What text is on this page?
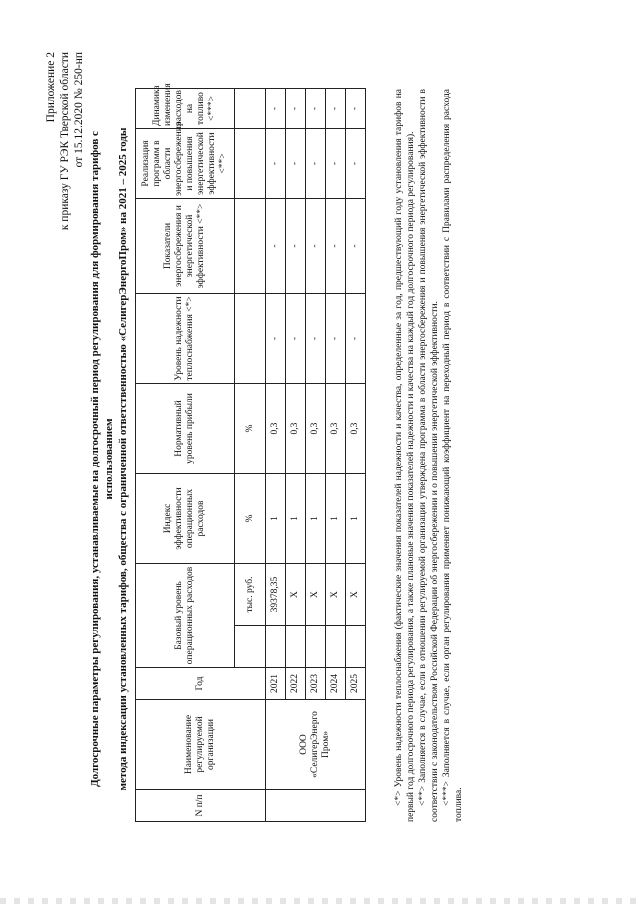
Приложение 2 к приказу ГУ РЭК Тверской области от 15.12.2020 № 250-нп
Долгосрочные параметры регулирования, устанавливаемые на долгосрочный период регулирования для формирования тарифов с использованием метода индексации установленных тарифов, общества с ограниченной ответственностью «СелигерЭнергоПром» на 2021 – 2025 годы
N п/п	Наименование регулируемой организации	Год	Базовый уровень операционных расходов		Индекс эффективности операционных расходов	Нормативный уровень прибыли	Уровень надежности теплоснабжения <*>	Показатели энергосбережения и энергетической эффективности <**>	Реализация программ в области энергосбережения и повышения энергетической эффективности <**>	Динамика изменения расходов на топливо <***>
				тыс. руб.	%	%				
	ООО «СелигерЭнерго Пром»	2021		39378,35	1	0,3	-	-	-	-
		2022		Х	1	0,3	-	-	-	-
		2023		Х	1	0,3	-	-	-	-
		2024		Х	1	0,3	-	-	-	-
		2025		Х	1	0,3	-	-	-	-	<*> Уровень надежности теплоснабжения (фактические значения показателей надежности и качества, определенные за год, предшествующий году установления тарифов на первый год долгосрочного периода регулирования, а также плановые значения показателей надежности и качества на каждый год долгосрочного периода регулирования). <**> Заполняется в случае, если в отношении регулируемой организации утверждена программа в области энергосбережения и повышения энергетической эффективности в соответствии с законодательством Российской Федерации об энергосбережении и о повышении энергетической эффективности. <***> Заполняется в случае, если орган регулирования применяет понижающий коэффициент на переходный период в соответствии с Правилами распределения расхода топлива.
